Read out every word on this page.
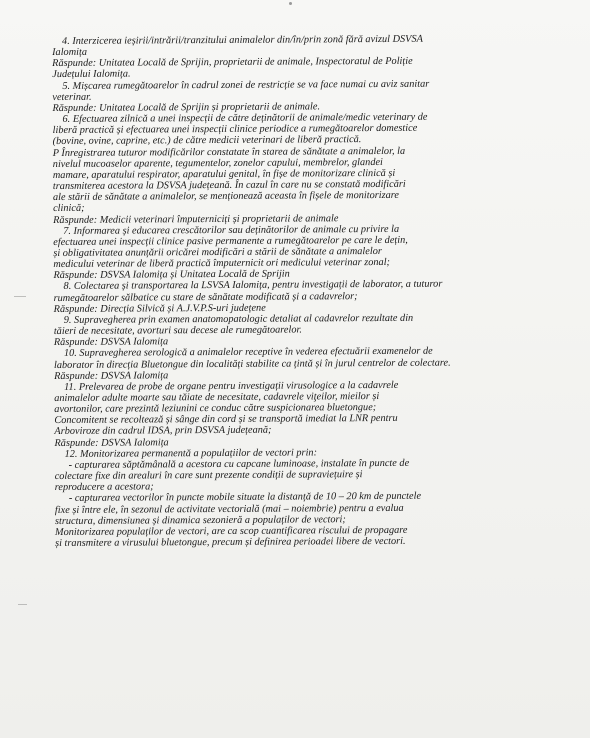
4. Interzicerea ieșirii/intrării/tranzitului animalelor din/în/prin zonă fără avizul DSVSA
Ialomița
Răspunde: Unitatea Locală de Sprijin, proprietarii de animale, Inspectoratul de Poliție
Județului Ialomița.
5. Mișcarea rumegătoarelor în cadrul zonei de restricție se va face numai cu aviz sanitar
veterinar.
Răspunde: Unitatea Locală de Sprijin și proprietarii de animale.
6. Efectuarea zilnică a unei inspecții de către deținătorii de animale/medic veterinary de
liberă practică și efectuarea unei inspecții clinice periodice a rumegătoarelor domestice
(bovine, ovine, caprine, etc.) de către medicii veterinari de liberă practică.
P Înregistrarea tuturor modificărilor constatate în starea de sănătate a animalelor, la
nivelul mucoaselor aparente, tegumentelor, zonelor capului, membrelor, glandei
mamare, aparatului respirator, aparatului genital, în fișe de monitorizare clinică și
transmiterea acestora la DSVSA județeană. În cazul în care nu se constată modificări
ale stării de sănătate a animalelor, se menționează aceasta în fișele de monitorizare
clinică;
Răspunde: Medicii veterinari împuterniciți și proprietarii de animale
7. Informarea și educarea crescătorilor sau deținătorilor de animale cu privire la
efectuarea unei inspecții clinice pasive permanente a rumegătoarelor pe care le dețin,
și obligativitatea anunțării oricărei modificări a stării de sănătate a animalelor
medicului veterinar de liberă practică împuternicit ori medicului veterinar zonal;
Răspunde: DSVSA Ialomița și Unitatea Locală de Sprijin
8. Colectarea și transportarea la LSVSA Ialomița, pentru investigații de laborator, a tuturor
rumegătoarelor sălbatice cu stare de sănătate modificată și a cadavrelor;
Răspunde: Direcția Silvică și A.J.V.P.S-uri județene
9. Supravegherea prin examen anatomopatologic detaliat al cadavrelor rezultate din
tăieri de necesitate, avorturi sau decese ale rumegătoarelor.
Răspunde: DSVSA Ialomița
10. Supravegherea serologică a animalelor receptive în vederea efectuării examenelor de
laborator în direcția Bluetongue din localități stabilite ca țintă și în jurul centrelor de colectare.
Răspunde: DSVSA Ialomița
11. Prelevarea de probe de organe pentru investigații virusologice a la cadavrele
animalelor adulte moarte sau tăiate de necesitate, cadavrele viţeilor, mieilor și
avortonilor, care prezintă leziunini ce conduc către suspicionarea bluetongue;
Concomitent se recoltează și sânge din cord și se transportă imediat la LNR pentru
Arboviroze din cadrul IDSA, prin DSVSA județeană;
Răspunde: DSVSA Ialomița
12. Monitorizarea permanentă a populațiilor de vectori prin:
- capturarea săptămânală a acestora cu capcane luminoase, instalate în puncte de
colectare fixe din arealuri în care sunt prezente condiții de supraviețuire și
reproducere a acestora;
- capturarea vectorilor în puncte mobile situate la distanță de 10 – 20 km de punctele
fixe și între ele, în sezonul de activitate vectorială (mai – noiembrie) pentru a evalua
structura, dimensiunea și dinamica sezonieră a populaților de vectori;
Monitorizarea populaților de vectori, are ca scop cuantificarea riscului de propagare
și transmitere a virusului bluetongue, precum și definirea perioadei libere de vectori.
